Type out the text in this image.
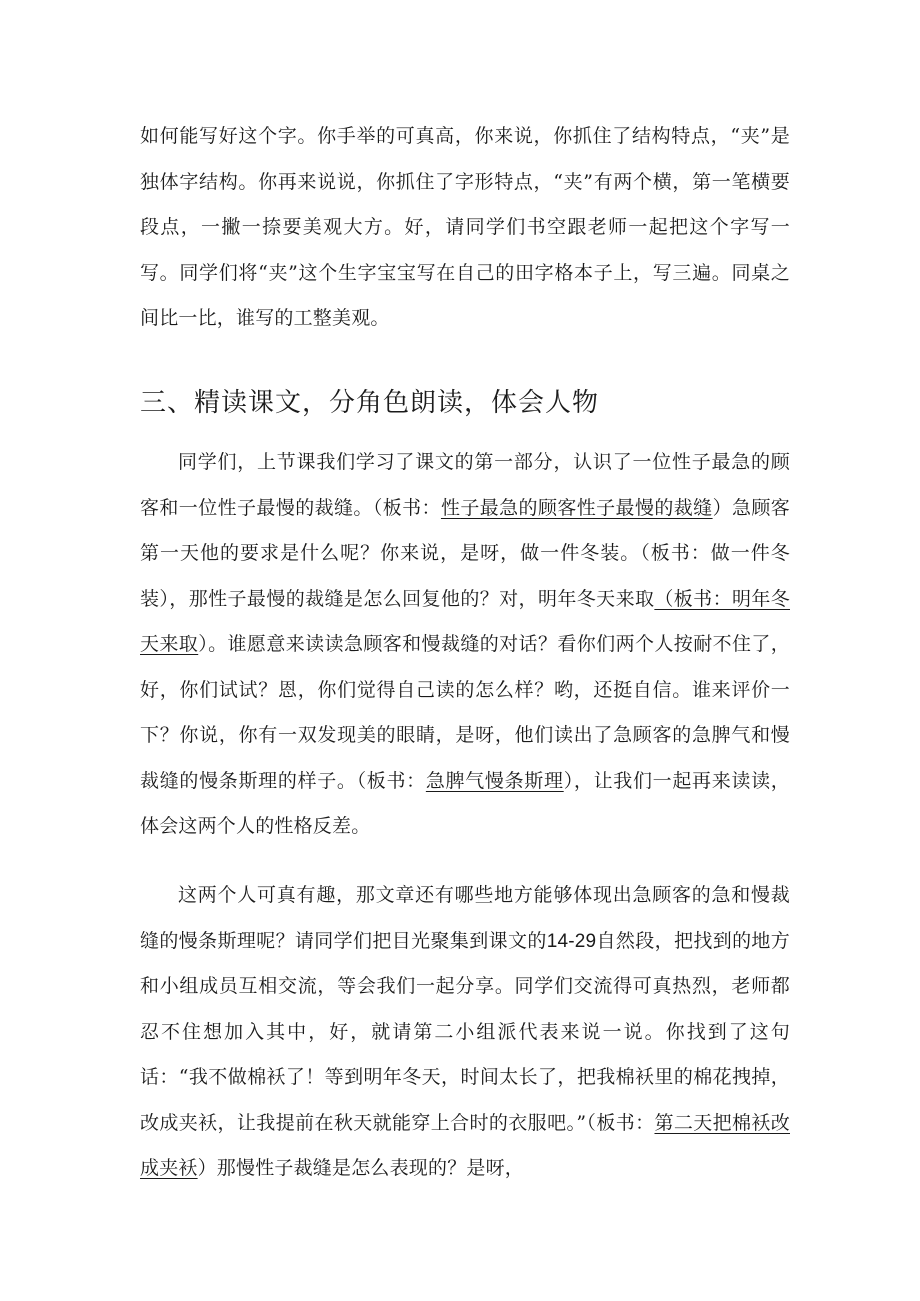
如何能写好这个字。你手举的可真高，你来说，你抓住了结构特点，“夹”是独体字结构。你再来说说，你抓住了字形特点，“夹”有两个横，第一笔横要段点，一撇一捺要美观大方。好，请同学们书空跟老师一起把这个字写一写。同学们将“夹”这个生字宝宝写在自己的田字格本子上，写三遍。同桌之间比一比，谁写的工整美观。

三、精读课文，分角色朗读，体会人物

同学们，上节课我们学习了课文的第一部分，认识了一位性子最急的顾客和一位性子最慢的裁缝。（板书：性子最急的顾客性子最慢的裁缝）急顾客第一天他的要求是什么呢？你来说，是呀，做一件冬装。（板书：做一件冬装），那性子最慢的裁缝是怎么回复他的？对，明年冬天来取（板书：明年冬天来取）。谁愿意来读读急顾客和慢裁缝的对话？看你们两个人按耐不住了，好，你们试试？恩，你们觉得自己读的怎么样？哟，还挺自信。谁来评价一下？你说，你有一双发现美的眼睛，是呀，他们读出了急顾客的急脾气和慢裁缝的慢条斯理的样子。（板书：急脾气慢条斯理），让我们一起再来读读，体会这两个人的性格反差。

这两个人可真有趣，那文章还有哪些地方能够体现出急顾客的急和慢裁缝的慢条斯理呢？请同学们把目光聚集到课文的14-29自然段，把找到的地方和小组成员互相交流，等会我们一起分享。同学们交流得可真热烈，老师都忍不住想加入其中，好，就请第二小组派代表来说一说。你找到了这句话：“我不做棉袄了！等到明年冬天，时间太长了，把我棉袄里的棉花拽掉，改成夹袄，让我提前在秋天就能穿上合时的衣服吧。”（板书：第二天把棉袄改成夹袄）那慢性子裁缝是怎么表现的？是呀，
